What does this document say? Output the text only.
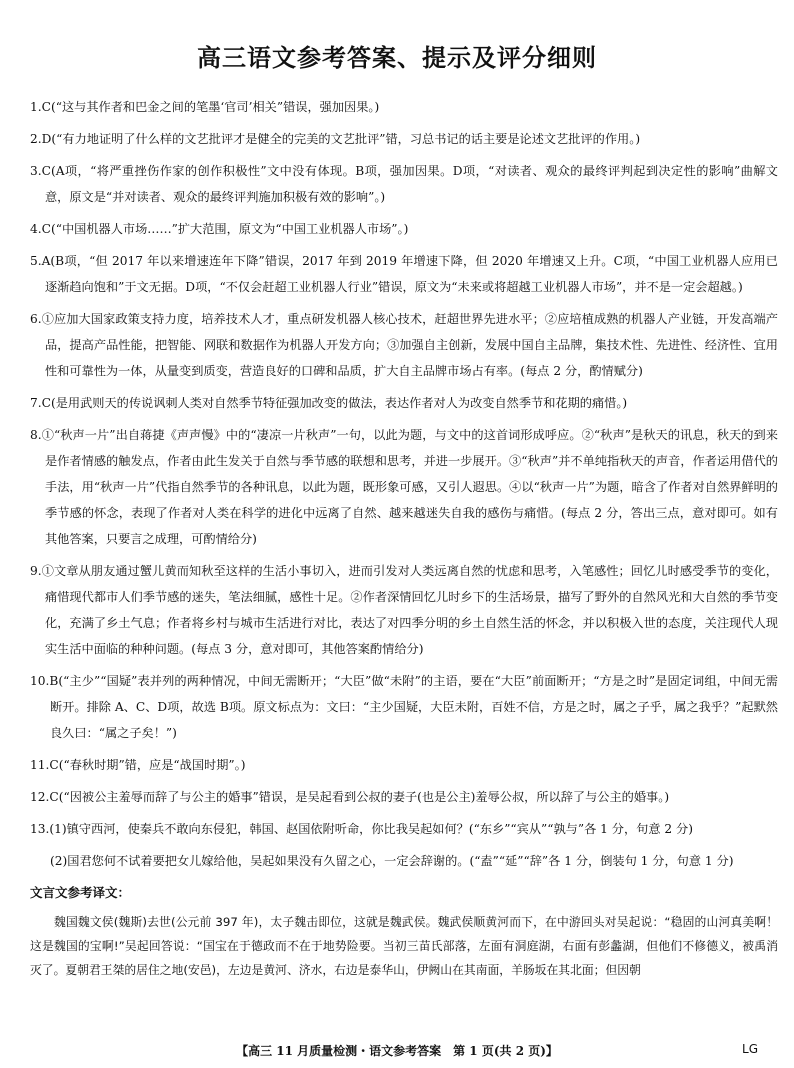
高三语文参考答案、提示及评分细则

1.C(“这与其作者和巴金之间的笔墨‘官司’相关”错误，强加因果。)

2.D(“有力地证明了什么样的文艺批评才是健全的完美的文艺批评”错，习总书记的话主要是论述文艺批评的作用。)

3.C(A项，“将严重挫伤作家的创作积极性”文中没有体现。B项，强加因果。D项，“对读者、观众的最终评判起到决定性的影响”曲解文意，原文是“并对读者、观众的最终评判施加积极有效的影响”。)

4.C(“中国机器人市场……”扩大范围，原文为“中国工业机器人市场”。)

5.A(B项，“但 2017 年以来增速连年下降”错误，2017 年到 2019 年增速下降，但 2020 年增速又上升。C项，“中国工业机器人应用已逐渐趋向饱和”于文无据。D项，“不仅会赶超工业机器人行业”错误，原文为“未来或将超越工业机器人市场”，并不是一定会超越。)

6.①应加大国家政策支持力度，培养技术人才，重点研发机器人核心技术，赶超世界先进水平；②应培植成熟的机器人产业链，开发高端产品，提高产品性能，把智能、网联和数据作为机器人开发方向；③加强自主创新，发展中国自主品牌，集技术性、先进性、经济性、宜用性和可靠性为一体，从量变到质变，营造良好的口碑和品质，扩大自主品牌市场占有率。(每点 2 分，酌情赋分)

7.C(是用武则天的传说讽刺人类对自然季节特征强加改变的做法，表达作者对人为改变自然季节和花期的痛惜。)

8.①“秋声一片”出自蒋捷《声声慢》中的“凄凉一片秋声”一句，以此为题，与文中的这首词形成呼应。②“秋声”是秋天的讯息，秋天的到来是作者情感的触发点，作者由此生发关于自然与季节感的联想和思考，并进一步展开。③“秋声”并不单纯指秋天的声音，作者运用借代的手法，用“秋声一片”代指自然季节的各种讯息，以此为题，既形象可感，又引人遐思。④以“秋声一片”为题，暗含了作者对自然界鲜明的季节感的怀念，表现了作者对人类在科学的进化中远离了自然、越来越迷失自我的感伤与痛惜。(每点 2 分，答出三点，意对即可。如有其他答案，只要言之成理，可酌情给分)

9.①文章从朋友通过蟹儿黄而知秋至这样的生活小事切入，进而引发对人类远离自然的忧虑和思考，入笔感性；回忆儿时感受季节的变化，痛惜现代都市人们季节感的迷失，笔法细腻，感性十足。②作者深情回忆儿时乡下的生活场景，描写了野外的自然风光和大自然的季节变化，充满了乡土气息；作者将乡村与城市生活进行对比，表达了对四季分明的乡土自然生活的怀念，并以积极入世的态度，关注现代人现实生活中面临的种种问题。(每点 3 分，意对即可，其他答案酌情给分)

10.B(“主少”“国疑”表并列的两种情况，中间无需断开；“大臣”做“未附”的主语，要在“大臣”前面断开；“方是之时”是固定词组，中间无需断开。排除 A、C、D项，故选 B项。原文标点为：文曰：“主少国疑，大臣未附，百姓不信，方是之时，属之子乎，属之我乎？”起默然良久曰：“属之子矣！”)

11.C(“春秋时期”错，应是“战国时期”。)

12.C(“因被公主羞辱而辞了与公主的婚事”错误，是吴起看到公叔的妻子(也是公主)羞辱公叔，所以辞了与公主的婚事。)

13.(1)镇守西河，使秦兵不敢向东侵犯，韩国、赵国依附听命，你比我吴起如何？(“东乡”“宾从”“孰与”各 1 分，句意 2 分)

(2)国君您何不试着要把女儿嫁给他，吴起如果没有久留之心，一定会辞谢的。(“盍”“延”“辞”各 1 分，倒装句 1 分，句意 1 分)

文言文参考译文：

魏国魏文侯(魏斯)去世(公元前 397 年)，太子魏击即位，这就是魏武侯。魏武侯顺黄河而下，在中游回头对吴起说：“稳固的山河真美啊！这是魏国的宝啊!”吴起回答说：“国宝在于德政而不在于地势险要。当初三苗氏部落，左面有洞庭湖，右面有彭蠡湖，但他们不修德义，被禹消灭了。夏朝君王桀的居住之地(安邑)，左边是黄河、济水，右边是泰华山，伊阙山在其南面，羊肠坂在其北面；但因朝

【高三 11 月质量检测・语文参考答案　第 1 页(共 2 页)】	LG
